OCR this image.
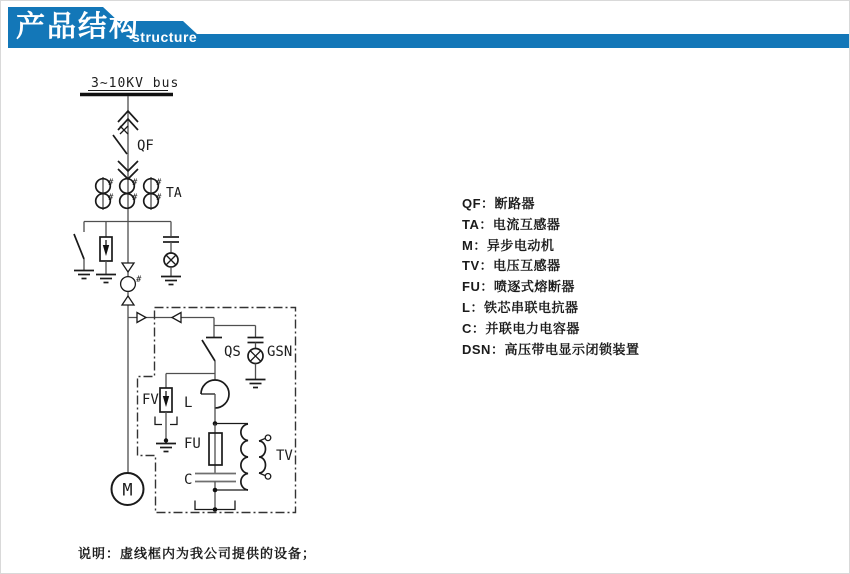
产品结构
structure
3~10KV bus
QF
# # #
# # # TA
#
QS GSN
FV L
FU
C
TV
M
QF：断路器
TA：电流互感器
M：异步电动机
TV：电压互感器
FU：喷逐式熔断器
L：铁芯串联电抗器
C：并联电力电容器
DSN：高压带电显示闭锁装置
说明：虚线框内为我公司提供的设备；
